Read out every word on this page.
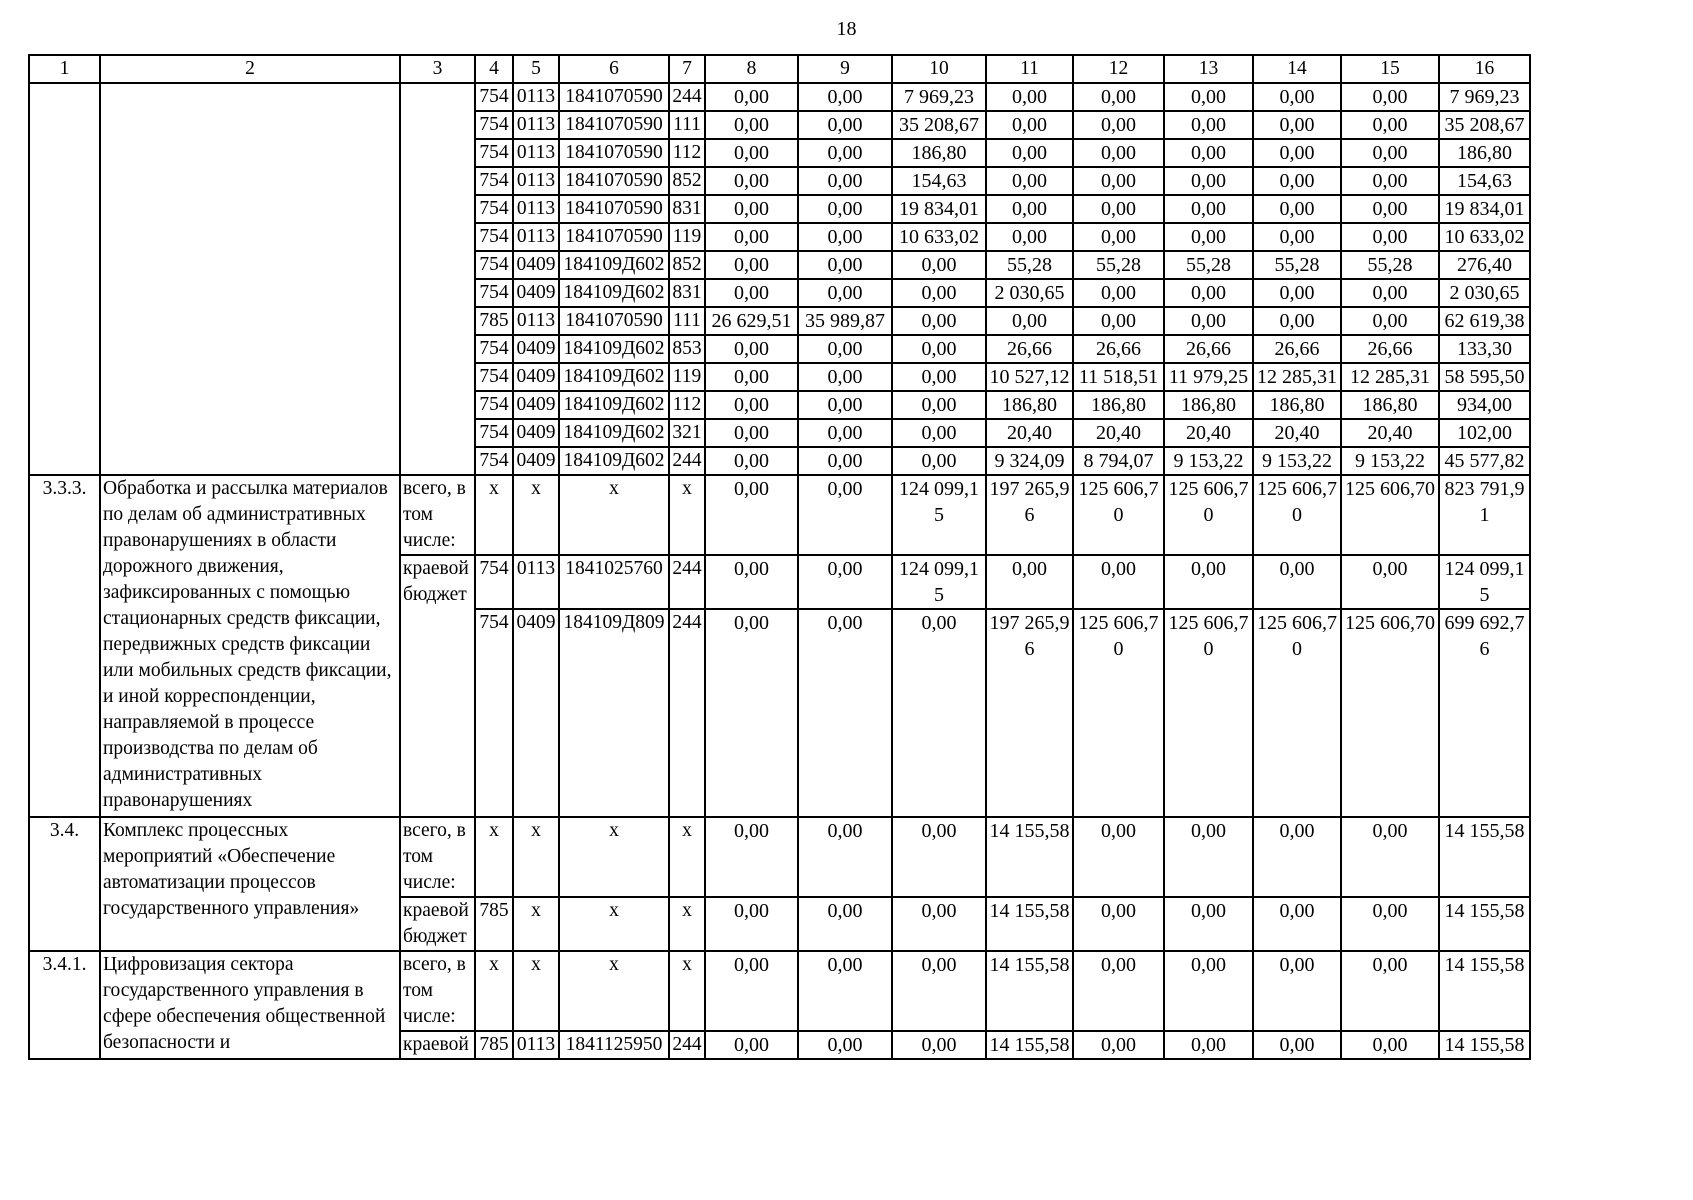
18
1	2	3	4	5	6	7	8	9	10	11	12	13	14	15	16
			754	0113	1841070590	244	0,00	0,00	7 969,23	0,00	0,00	0,00	0,00	0,00	7 969,23
			754	0113	1841070590	111	0,00	0,00	35 208,67	0,00	0,00	0,00	0,00	0,00	35 208,67
			754	0113	1841070590	112	0,00	0,00	186,80	0,00	0,00	0,00	0,00	0,00	186,80
			754	0113	1841070590	852	0,00	0,00	154,63	0,00	0,00	0,00	0,00	0,00	154,63
			754	0113	1841070590	831	0,00	0,00	19 834,01	0,00	0,00	0,00	0,00	0,00	19 834,01
			754	0113	1841070590	119	0,00	0,00	10 633,02	0,00	0,00	0,00	0,00	0,00	10 633,02
			754	0409	184109Д602	852	0,00	0,00	0,00	55,28	55,28	55,28	55,28	55,28	276,40
			754	0409	184109Д602	831	0,00	0,00	0,00	2 030,65	0,00	0,00	0,00	0,00	2 030,65
			785	0113	1841070590	111	26 629,51	35 989,87	0,00	0,00	0,00	0,00	0,00	0,00	62 619,38
			754	0409	184109Д602	853	0,00	0,00	0,00	26,66	26,66	26,66	26,66	26,66	133,30
			754	0409	184109Д602	119	0,00	0,00	0,00	10 527,12	11 518,51	11 979,25	12 285,31	12 285,31	58 595,50
			754	0409	184109Д602	112	0,00	0,00	0,00	186,80	186,80	186,80	186,80	186,80	934,00
			754	0409	184109Д602	321	0,00	0,00	0,00	20,40	20,40	20,40	20,40	20,40	102,00
			754	0409	184109Д602	244	0,00	0,00	0,00	9 324,09	8 794,07	9 153,22	9 153,22	9 153,22	45 577,82
3.3.3.	Обработка и рассылка материалов по делам об административных правонарушениях в области дорожного движения, зафиксированных с помощью стационарных средств фиксации, передвижных средств фиксации или мобильных средств фиксации, и иной корреспонденции, направляемой в процессе производства по делам об административных правонарушениях	всего, в том числе:	х	х	х	х	0,00	0,00	124 099,15	197 265,96	125 606,70	125 606,70	125 606,70	125 606,70	823 791,91
		краевой бюджет	754	0113	1841025760	244	0,00	0,00	124 099,15	0,00	0,00	0,00	0,00	0,00	124 099,15
			754	0409	184109Д809	244	0,00	0,00	0,00	197 265,96	125 606,70	125 606,70	125 606,70	125 606,70	699 692,76
3.4.	Комплекс процессных мероприятий «Обеспечение автоматизации процессов государственного управления»	всего, в том числе:	х	х	х	х	0,00	0,00	0,00	14 155,58	0,00	0,00	0,00	0,00	14 155,58
		краевой бюджет	785	х	х	х	0,00	0,00	0,00	14 155,58	0,00	0,00	0,00	0,00	14 155,58
3.4.1.	Цифровизация сектора государственного управления в сфере обеспечения общественной безопасности и	всего, в том числе:	х	х	х	х	0,00	0,00	0,00	14 155,58	0,00	0,00	0,00	0,00	14 155,58
		краевой	785	0113	1841125950	244	0,00	0,00	0,00	14 155,58	0,00	0,00	0,00	0,00	14 155,58
